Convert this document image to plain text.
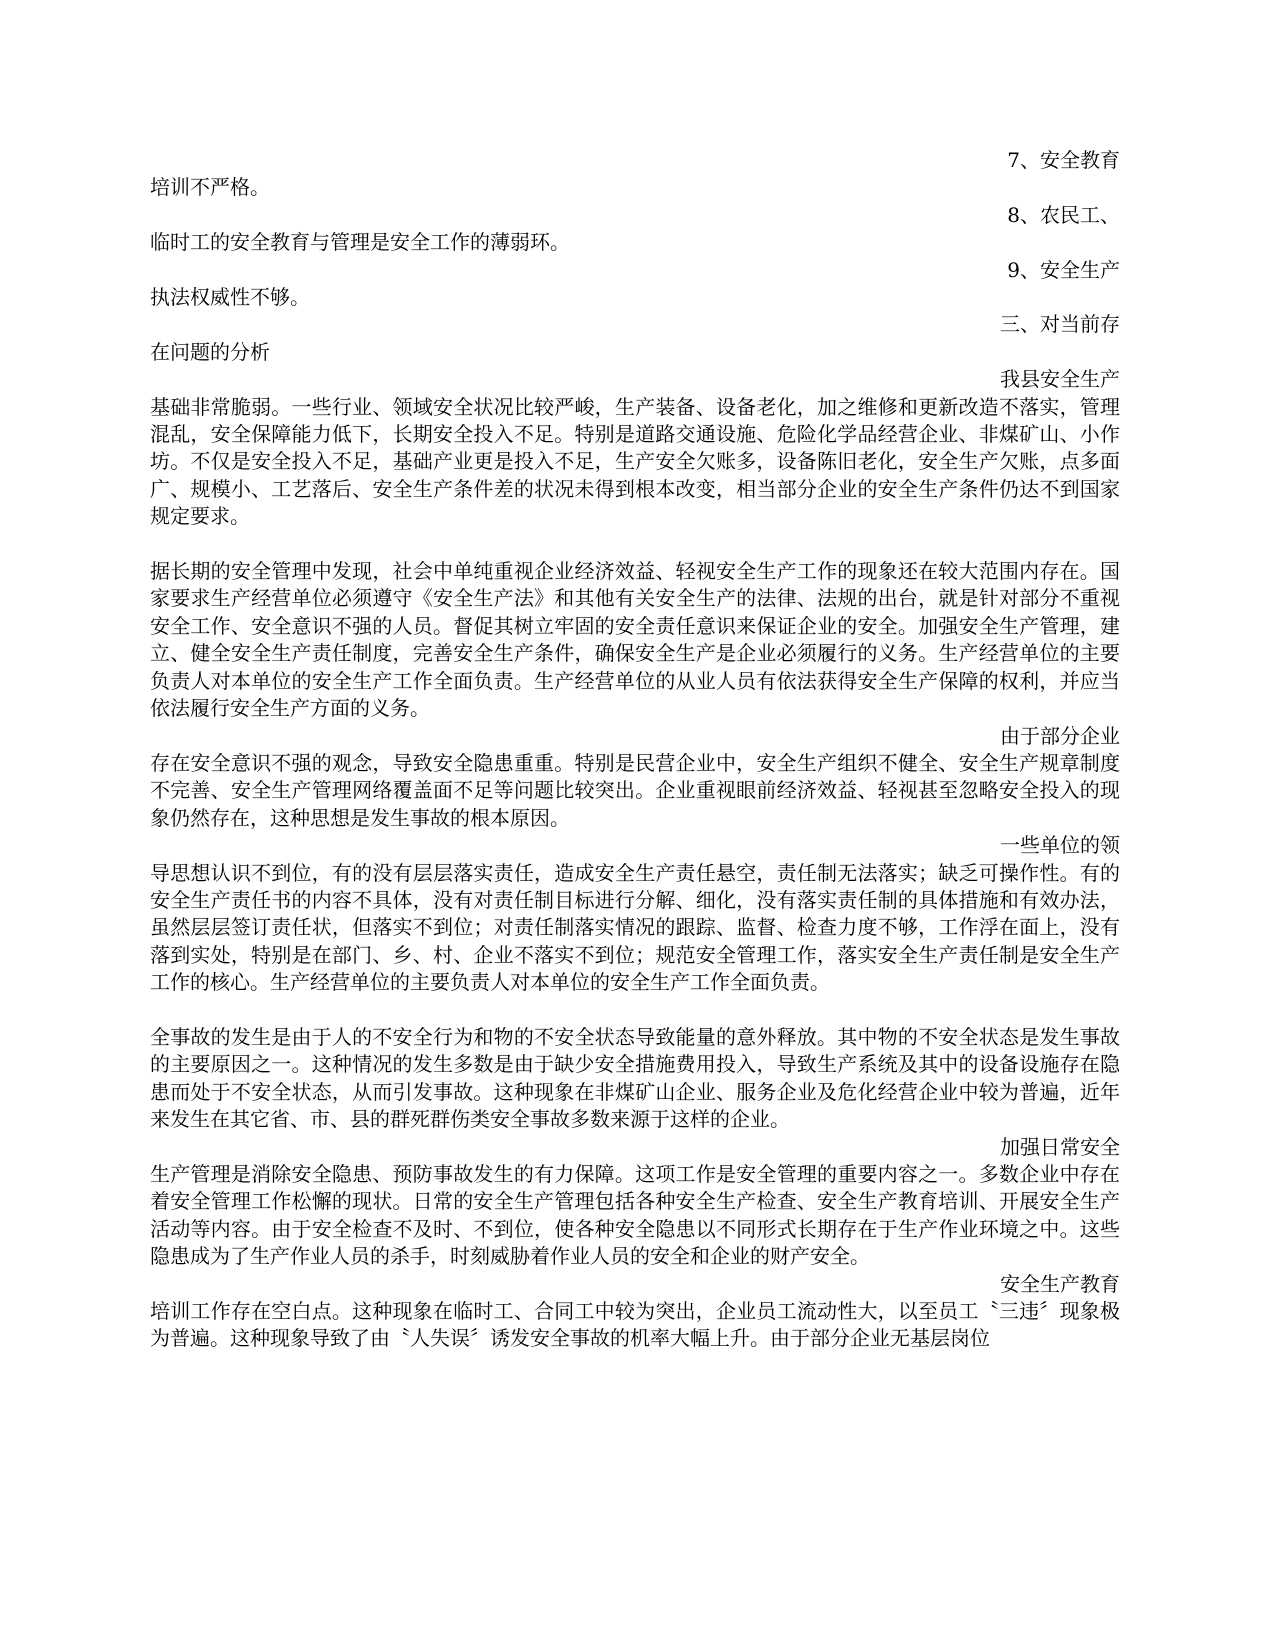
7、安全教育
培训不严格。
8、农民工、
临时工的安全教育与管理是安全工作的薄弱环。
9、安全生产
执法权威性不够。
三、对当前存
在问题的分析
我县安全生产
基础非常脆弱。一些行业、领域安全状况比较严峻，生产装备、设备老化，加之维修和更新改造不落实，管理混乱，安全保障能力低下，长期安全投入不足。特别是道路交通设施、危险化学品经营企业、非煤矿山、小作坊。不仅是安全投入不足，基础产业更是投入不足，生产安全欠账多，设备陈旧老化，安全生产欠账，点多面广、规模小、工艺落后、安全生产条件差的状况未得到根本改变，相当部分企业的安全生产条件仍达不到国家规定要求。
据长期的安全管理中发现，社会中单纯重视企业经济效益、轻视安全生产工作的现象还在较大范围内存在。国家要求生产经营单位必须遵守《安全生产法》和其他有关安全生产的法律、法规的出台，就是针对部分不重视安全工作、安全意识不强的人员。督促其树立牢固的安全责任意识来保证企业的安全。加强安全生产管理，建立、健全安全生产责任制度，完善安全生产条件，确保安全生产是企业必须履行的义务。生产经营单位的主要负责人对本单位的安全生产工作全面负责。生产经营单位的从业人员有依法获得安全生产保障的权利，并应当依法履行安全生产方面的义务。
由于部分企业
存在安全意识不强的观念，导致安全隐患重重。特别是民营企业中，安全生产组织不健全、安全生产规章制度不完善、安全生产管理网络覆盖面不足等问题比较突出。企业重视眼前经济效益、轻视甚至忽略安全投入的现象仍然存在，这种思想是发生事故的根本原因。
一些单位的领
导思想认识不到位，有的没有层层落实责任，造成安全生产责任悬空，责任制无法落实；缺乏可操作性。有的安全生产责任书的内容不具体，没有对责任制目标进行分解、细化，没有落实责任制的具体措施和有效办法，虽然层层签订责任状，但落实不到位；对责任制落实情况的跟踪、监督、检查力度不够，工作浮在面上，没有落到实处，特别是在部门、乡、村、企业不落实不到位；规范安全管理工作，落实安全生产责任制是安全生产工作的核心。生产经营单位的主要负责人对本单位的安全生产工作全面负责。
全事故的发生是由于人的不安全行为和物的不安全状态导致能量的意外释放。其中物的不安全状态是发生事故的主要原因之一。这种情况的发生多数是由于缺少安全措施费用投入，导致生产系统及其中的设备设施存在隐患而处于不安全状态，从而引发事故。这种现象在非煤矿山企业、服务企业及危化经营企业中较为普遍，近年来发生在其它省、市、县的群死群伤类安全事故多数来源于这样的企业。
加强日常安全
生产管理是消除安全隐患、预防事故发生的有力保障。这项工作是安全管理的重要内容之一。多数企业中存在着安全管理工作松懈的现状。日常的安全生产管理包括各种安全生产检查、安全生产教育培训、开展安全生产活动等内容。由于安全检查不及时、不到位，使各种安全隐患以不同形式长期存在于生产作业环境之中。这些隐患成为了生产作业人员的杀手，时刻威胁着作业人员的安全和企业的财产安全。
安全生产教育
培训工作存在空白点。这种现象在临时工、合同工中较为突出，企业员工流动性大，以至员工〝三违〞现象极为普遍。这种现象导致了由〝人失误〞诱发安全事故的机率大幅上升。由于部分企业无基层岗位
